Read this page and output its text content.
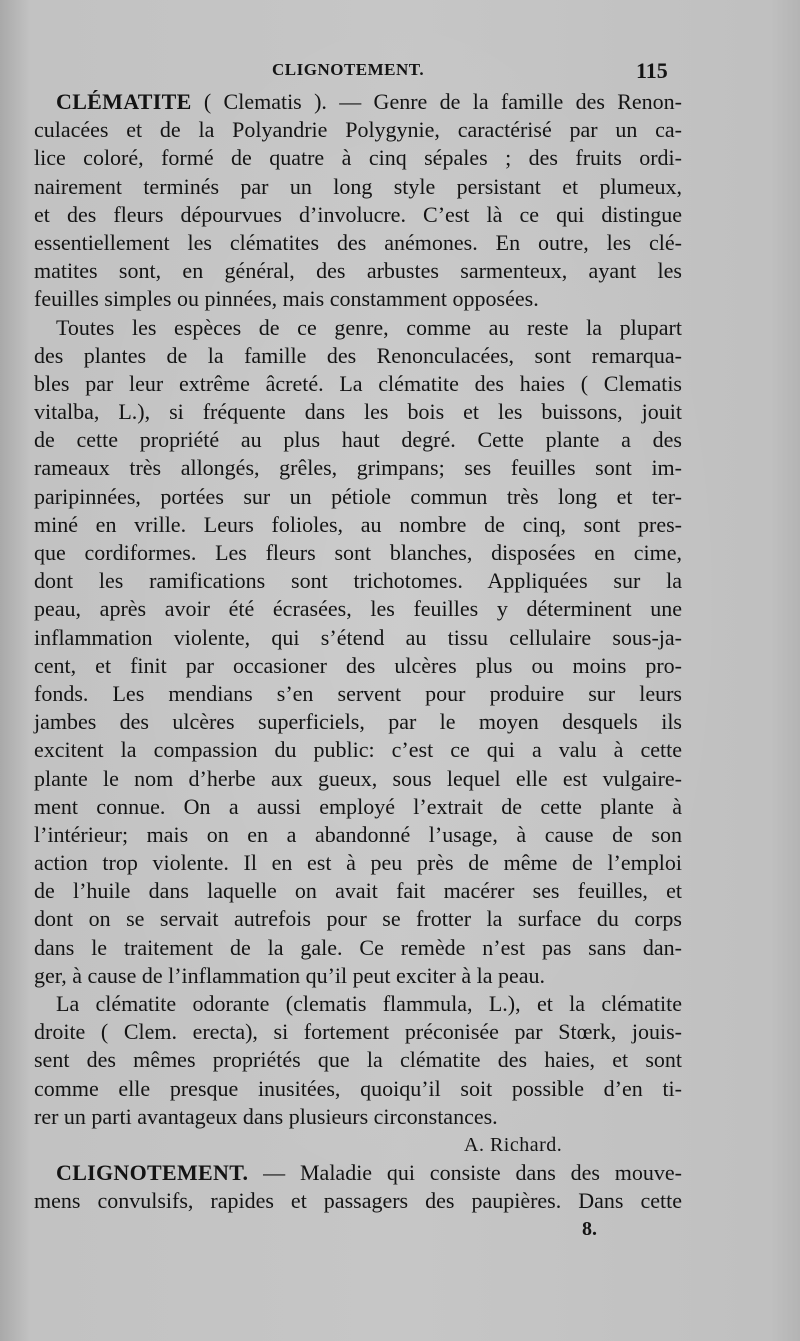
CLIGNOTEMENT.	115
CLÉMATITE ( Clematis ). — Genre de la famille des Renon-
culacées et de la Polyandrie Polygynie, caractérisé par un ca-
lice coloré, formé de quatre à cinq sépales ; des fruits ordi-
nairement terminés par un long style persistant et plumeux,
et des fleurs dépourvues d’involucre. C’est là ce qui distingue
essentiellement les clématites des anémones. En outre, les clé-
matites sont, en général, des arbustes sarmenteux, ayant les
feuilles simples ou pinnées, mais constamment opposées.
Toutes les espèces de ce genre, comme au reste la plupart
des plantes de la famille des Renonculacées, sont remarqua-
bles par leur extrême âcreté. La clématite des haies ( Clematis
vitalba, L.), si fréquente dans les bois et les buissons, jouit
de cette propriété au plus haut degré. Cette plante a des
rameaux très allongés, grêles, grimpans; ses feuilles sont im-
paripinnées, portées sur un pétiole commun très long et ter-
miné en vrille. Leurs folioles, au nombre de cinq, sont pres-
que cordiformes. Les fleurs sont blanches, disposées en cime,
dont les ramifications sont trichotomes. Appliquées sur la
peau, après avoir été écrasées, les feuilles y déterminent une
inflammation violente, qui s’étend au tissu cellulaire sous-ja-
cent, et finit par occasioner des ulcères plus ou moins pro-
fonds. Les mendians s’en servent pour produire sur leurs
jambes des ulcères superficiels, par le moyen desquels ils
excitent la compassion du public: c’est ce qui a valu à cette
plante le nom d’herbe aux gueux, sous lequel elle est vulgaire-
ment connue. On a aussi employé l’extrait de cette plante à
l’intérieur; mais on en a abandonné l’usage, à cause de son
action trop violente. Il en est à peu près de même de l’emploi
de l’huile dans laquelle on avait fait macérer ses feuilles, et
dont on se servait autrefois pour se frotter la surface du corps
dans le traitement de la gale. Ce remède n’est pas sans dan-
ger, à cause de l’inflammation qu’il peut exciter à la peau.
La clématite odorante (clematis flammula, L.), et la clématite
droite ( Clem. erecta), si fortement préconisée par Stœrk, jouis-
sent des mêmes propriétés que la clématite des haies, et sont
comme elle presque inusitées, quoiqu’il soit possible d’en ti-
rer un parti avantageux dans plusieurs circonstances.
A. Richard.
CLIGNOTEMENT. — Maladie qui consiste dans des mouve-
mens convulsifs, rapides et passagers des paupières. Dans cette
8.
